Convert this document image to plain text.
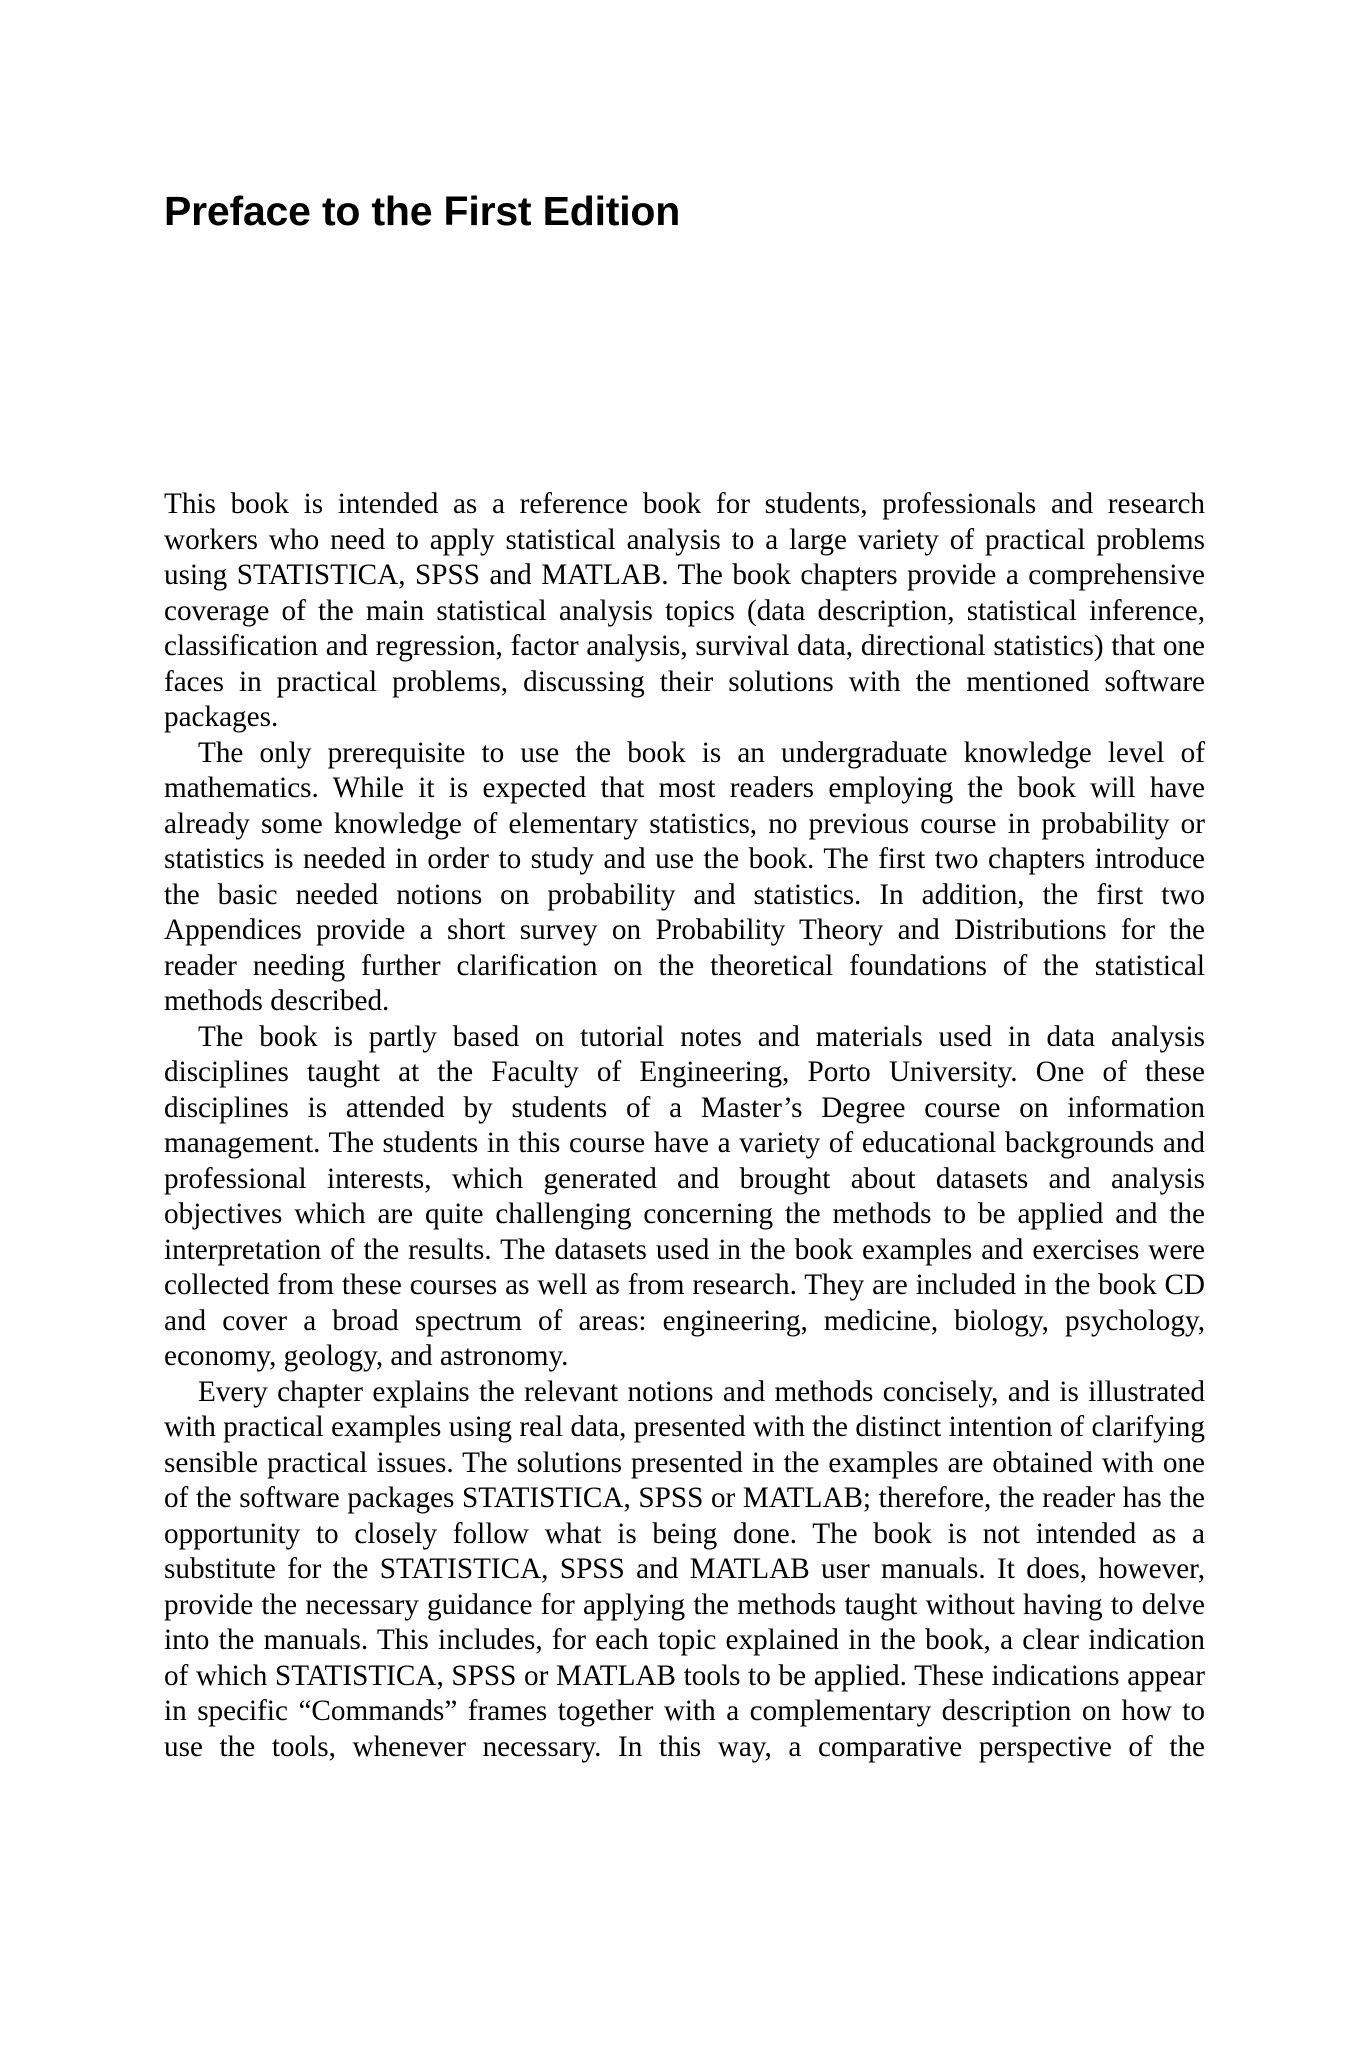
Preface to the First Edition

This book is intended as a reference book for students, professionals and research workers who need to apply statistical analysis to a large variety of practical problems using STATISTICA, SPSS and MATLAB. The book chapters provide a comprehensive coverage of the main statistical analysis topics (data description, statistical inference, classification and regression, factor analysis, survival data, directional statistics) that one faces in practical problems, discussing their solutions with the mentioned software packages.

The only prerequisite to use the book is an undergraduate knowledge level of mathematics. While it is expected that most readers employing the book will have already some knowledge of elementary statistics, no previous course in probability or statistics is needed in order to study and use the book. The first two chapters introduce the basic needed notions on probability and statistics. In addition, the first two Appendices provide a short survey on Probability Theory and Distributions for the reader needing further clarification on the theoretical foundations of the statistical methods described.

The book is partly based on tutorial notes and materials used in data analysis disciplines taught at the Faculty of Engineering, Porto University. One of these disciplines is attended by students of a Master’s Degree course on information management. The students in this course have a variety of educational backgrounds and professional interests, which generated and brought about datasets and analysis objectives which are quite challenging concerning the methods to be applied and the interpretation of the results. The datasets used in the book examples and exercises were collected from these courses as well as from research. They are included in the book CD and cover a broad spectrum of areas: engineering, medicine, biology, psychology, economy, geology, and astronomy.

Every chapter explains the relevant notions and methods concisely, and is illustrated with practical examples using real data, presented with the distinct intention of clarifying sensible practical issues. The solutions presented in the examples are obtained with one of the software packages STATISTICA, SPSS or MATLAB; therefore, the reader has the opportunity to closely follow what is being done. The book is not intended as a substitute for the STATISTICA, SPSS and MATLAB user manuals. It does, however, provide the necessary guidance for applying the methods taught without having to delve into the manuals. This includes, for each topic explained in the book, a clear indication of which STATISTICA, SPSS or MATLAB tools to be applied. These indications appear in specific “Commands” frames together with a complementary description on how to use the tools, whenever necessary. In this way, a comparative perspective of the
